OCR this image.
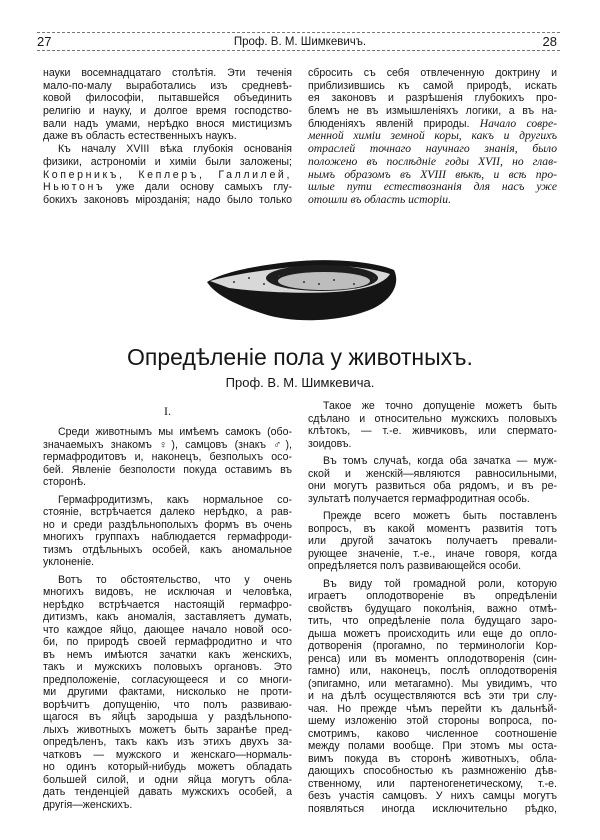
27	Проф. В. М. Шимкевичъ.	28
науки восемнадцатаго столѣтія. Эти теченія
мало-по-малу выработались изъ средневѣ-
ковой философіи, пытавшейся объединить
религію и науку, и долгое время господство-
вали надъ умами, нерѣдко внося мистицизмъ
даже въ область естественныхъ наукъ.
Къ началу XVIII вѣка глубокія основанія
физики, астрономіи и химіи были заложены;
Коперникъ, Кеплеръ, Галлилей,
Ньютонъ уже дали основу самыхъ глу-
бокихъ законовъ мірозданія; надо было только
сбросить съ себя отвлеченную доктрину и
приблизившись къ самой природѣ, искать
ея законовъ и разрѣшенія глубокихъ про-
блемъ не въ измышленіяхъ логики, а въ на-
блюденіяхъ явленій природы. Начало совре-
менной химіи земной коры, какъ и другихъ
отраслей точнаго научнаго знанія, было
положено въ послѣдніе годы XVII, но глав-
нымъ образомъ въ XVIII вѣкѣ, и всѣ про-
шлые пути естествознанія для насъ уже
отошли въ область исторіи.
Опредѣленіе пола у животныхъ.
Проф. В. М. Шимкевича.
I.
Среди животнымъ мы имѣемъ самокъ (обо-
значаемыхъ знакомъ ♀), самцовъ (знакъ ♂),
гермафродитовъ и, наконецъ, безполыхъ осо-
бей. Явленіе безполости покуда оставимъ въ
сторонѣ.
Гермафродитизмъ, какъ нормальное со-
стояніе, встрѣчается далеко нерѣдко, а рав-
но и среди раздѣльнополыхъ формъ въ очень
многихъ группахъ наблюдается гермафроди-
тизмъ отдѣльныхъ особей, какъ аномальное
уклоненіе.
Вотъ то обстоятельство, что у очень
многихъ видовъ, не исключая и человѣка,
нерѣдко встрѣчается настоящій гермафро-
дитизмъ, какъ аномалія, заставляетъ думать,
что каждое яйцо, дающее начало новой осо-
би, по природѣ своей гермафродитно и что
въ немъ имѣются зачатки какъ женскихъ,
такъ и мужскихъ половыхъ органовъ. Это
предположеніе, согласующееся и со многи-
ми другими фактами, нисколько не проти-
ворѣчитъ допущенію, что полъ развиваю-
щагося въ яйцѣ зародыша у раздѣльнопо-
лыхъ животныхъ можетъ быть заранѣе пред-
опредѣленъ, такъ какъ изъ этихъ двухъ за-
чатковъ — мужского и женскаго—нормаль-
но одинъ который-нибудь можетъ обладать
большей силой, и одни яйца могутъ обла-
дать тенденціей давать мужскихъ особей, а
другія—женскихъ.
Такое же точно допущеніе можетъ быть
сдѣлано и относительно мужскихъ половыхъ
клѣтокъ, — т.-е. живчиковъ, или сперматo-
зоидовъ.
Въ томъ случаѣ, когда оба зачатка — муж-
ской и женскій—являются равносильными,
они могутъ развиться оба рядомъ, и въ ре-
зультатѣ получается гермафродитная особь.
Прежде всего можетъ быть поставленъ
вопросъ, въ какой моментъ развитія тотъ
или другой зачатокъ получаетъ превали-
рующее значеніе, т.-е., иначе говоря, когда
опредѣляется полъ развивающейся особи.
Въ виду той громадной роли, которую
играетъ оплодотвореніе въ опредѣленіи
свойствъ будущаго поколѣнія, важно отмѣ-
тить, что опредѣленіе пола будущаго заро-
дыша можетъ происходить или еще до опло-
дотворенія (прогамно, по терминологіи Кор-
ренса) или въ моментъ оплодотворенія (син-
гамно) или, наконецъ, послѣ оплодотворенія
(эпигамно, или метагамно). Мы увидимъ, что
и на дѣлѣ осуществляются всѣ эти три слу-
чая. Но прежде чѣмъ перейти къ дальнѣй-
шему изложенію этой стороны вопроса, по-
смотримъ, каково численное соотношеніе
между полами вообще. При этомъ мы оста-
вимъ покуда въ сторонѣ животныхъ, обла-
дающихъ способностью къ размноженію дѣв-
ственному, или партеногенетическому, т.-е.
безъ участія самцовъ. У нихъ самцы могутъ
появляться иногда исключительно рѣдко,
